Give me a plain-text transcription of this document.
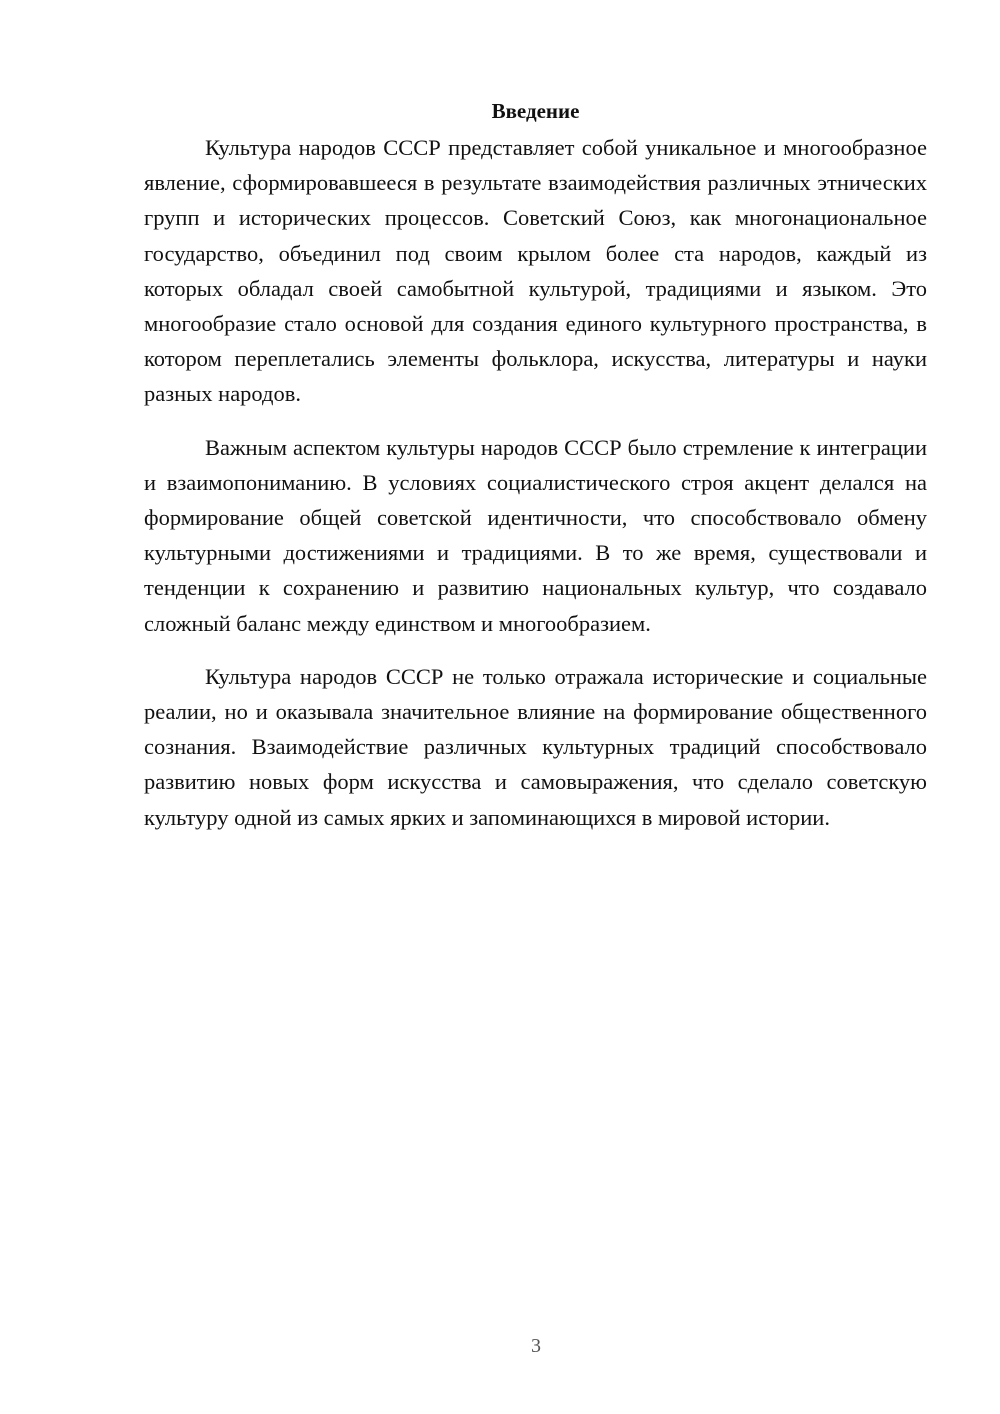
Введение

Культура народов СССР представляет собой уникальное и многообразное явление, сформировавшееся в результате взаимодействия различных этнических групп и исторических процессов. Советский Союз, как многонациональное государство, объединил под своим крылом более ста народов, каждый из которых обладал своей самобытной культурой, традициями и языком. Это многообразие стало основой для создания единого культурного пространства, в котором переплетались элементы фольклора, искусства, литературы и науки разных народов.

Важным аспектом культуры народов СССР было стремление к интеграции и взаимопониманию. В условиях социалистического строя акцент делался на формирование общей советской идентичности, что способствовало обмену культурными достижениями и традициями. В то же время, существовали и тенденции к сохранению и развитию национальных культур, что создавало сложный баланс между единством и многообразием.

Культура народов СССР не только отражала исторические и социальные реалии, но и оказывала значительное влияние на формирование общественного сознания. Взаимодействие различных культурных традиций способствовало развитию новых форм искусства и самовыражения, что сделало советскую культуру одной из самых ярких и запоминающихся в мировой истории.

3
